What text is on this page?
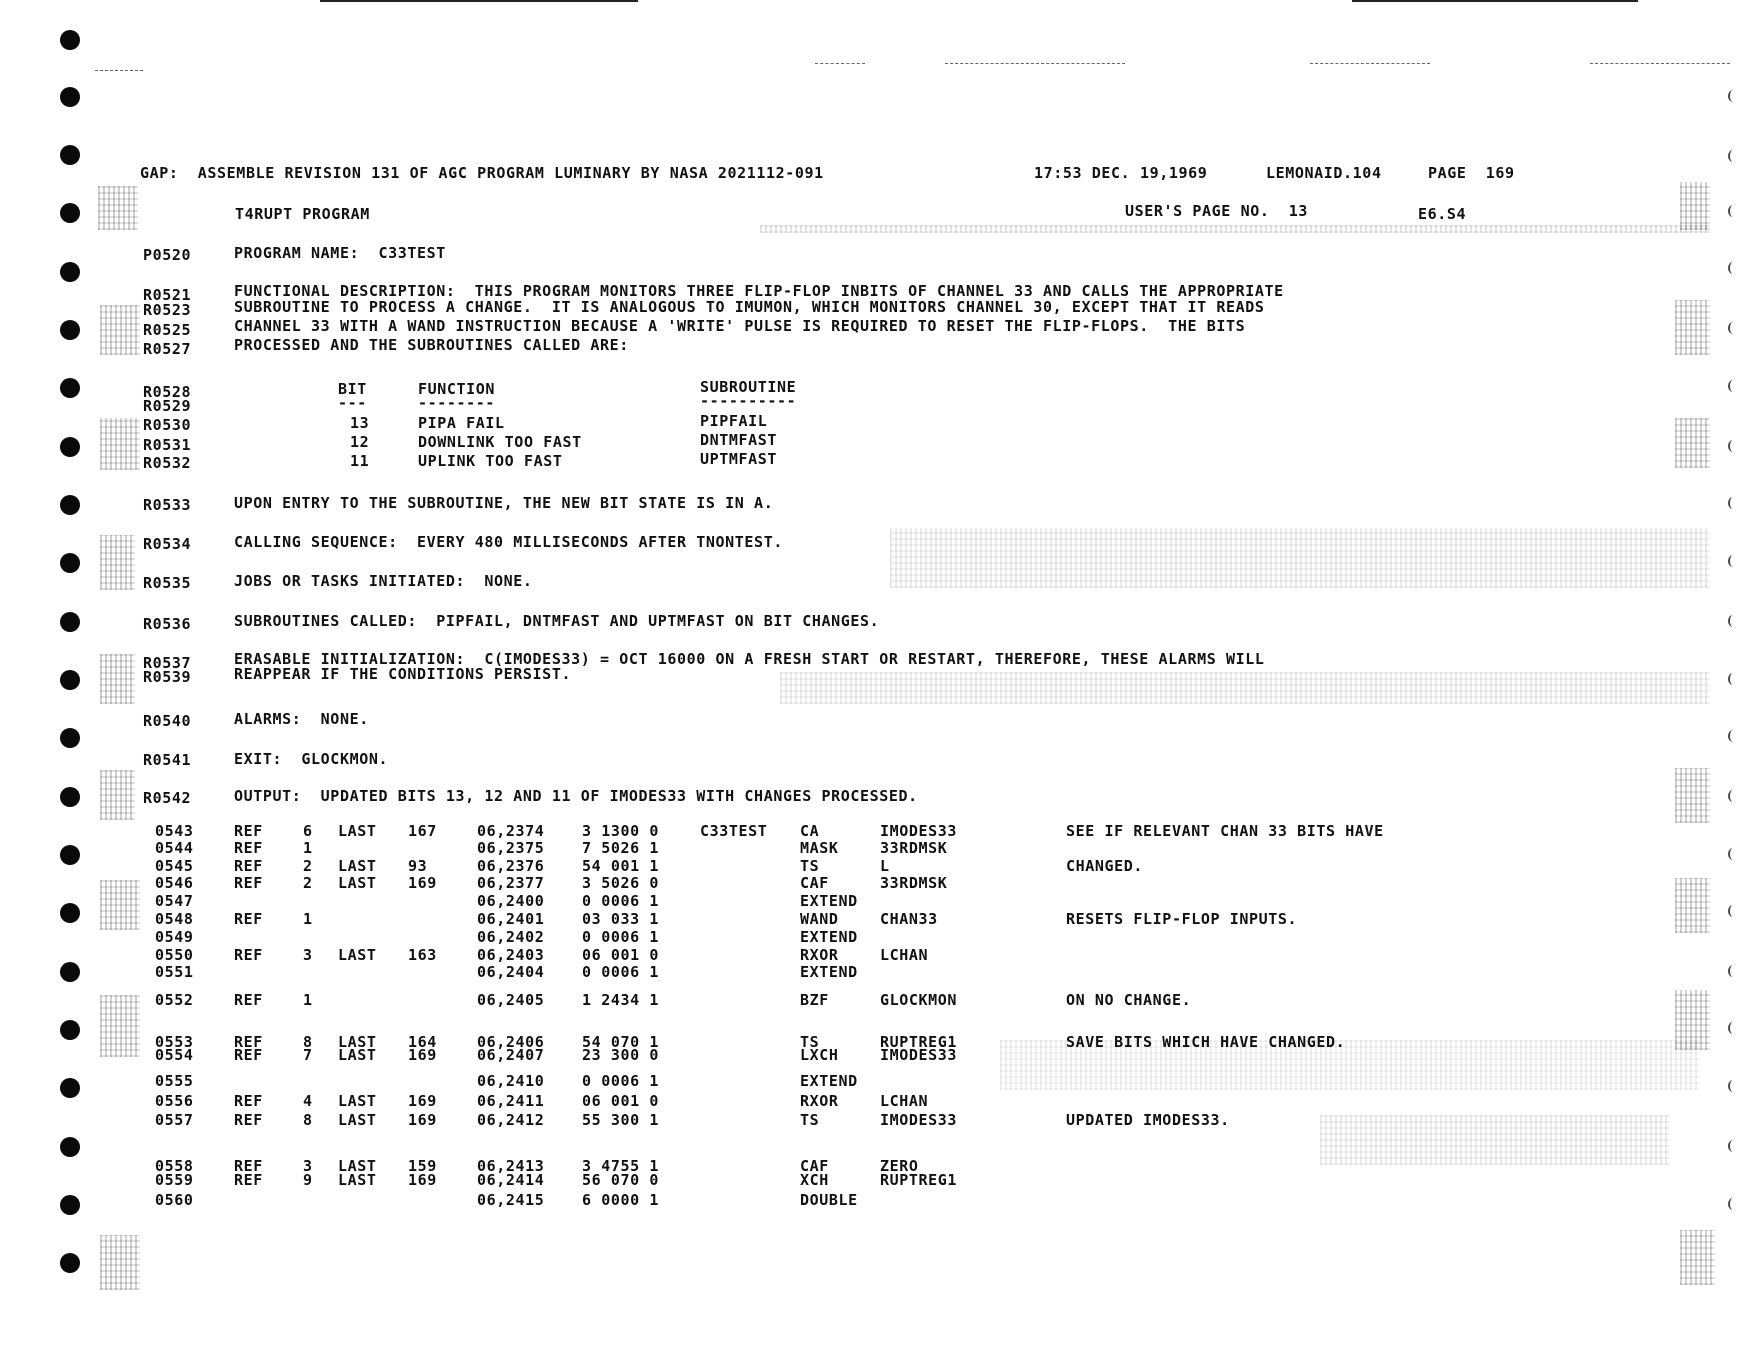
GAP:  ASSEMBLE REVISION 131 OF AGC PROGRAM LUMINARY BY NASA 2021112-091	17:53 DEC. 19,1969	LEMONAID.104	PAGE  169
T4RUPT PROGRAM	USER'S PAGE NO.  13	E6.S4
P0520	PROGRAM NAME:  C33TEST
R0521	FUNCTIONAL DESCRIPTION:  THIS PROGRAM MONITORS THREE FLIP-FLOP INBITS OF CHANNEL 33 AND CALLS THE APPROPRIATE
R0523	SUBROUTINE TO PROCESS A CHANGE.  IT IS ANALOGOUS TO IMUMON, WHICH MONITORS CHANNEL 30, EXCEPT THAT IT READS
R0525	CHANNEL 33 WITH A WAND INSTRUCTION BECAUSE A 'WRITE' PULSE IS REQUIRED TO RESET THE FLIP-FLOPS.  THE BITS
R0527	PROCESSED AND THE SUBROUTINES CALLED ARE:
R0528
R0529
R0530
R0531
R0532
BIT	FUNCTION	SUBROUTINE
---	--------	----------
13	PIPA FAIL	PIPFAIL
12	DOWNLINK TOO FAST	DNTMFAST
11	UPLINK TOO FAST	UPTMFAST
R0533	UPON ENTRY TO THE SUBROUTINE, THE NEW BIT STATE IS IN A.
R0534	CALLING SEQUENCE:  EVERY 480 MILLISECONDS AFTER TNONTEST.
R0535	JOBS OR TASKS INITIATED:  NONE.
R0536	SUBROUTINES CALLED:  PIPFAIL, DNTMFAST AND UPTMFAST ON BIT CHANGES.
R0537	ERASABLE INITIALIZATION:  C(IMODES33) = OCT 16000 ON A FRESH START OR RESTART, THEREFORE, THESE ALARMS WILL
R0539	REAPPEAR IF THE CONDITIONS PERSIST.
R0540	ALARMS:  NONE.
R0541	EXIT:  GLOCKMON.
R0542	OUTPUT:  UPDATED BITS 13, 12 AND 11 OF IMODES33 WITH CHANGES PROCESSED.
0543	REF	6 LAST 167	06,2374	3 1300 0	C33TEST CA	IMODES33	SEE IF RELEVANT CHAN 33 BITS HAVE
0544	REF	1	06,2375	7 5026 1	MASK	33RDMSK
0545	REF	2 LAST 93	06,2376	54 001 1	TS	L	CHANGED.
0546	REF	2 LAST 169	06,2377	3 5026 0	CAF	33RDMSK
0547	06,2400	0 0006 1	EXTEND
0548	REF	1	06,2401	03 033 1	WAND	CHAN33	RESETS FLIP-FLOP INPUTS.
0549	06,2402	0 0006 1	EXTEND
0550	REF	3 LAST 163	06,2403	06 001 0	RXOR	LCHAN
0551	06,2404	0 0006 1	EXTEND
0552	REF	1	06,2405	1 2434 1	BZF	GLOCKMON	ON NO CHANGE.
0553	REF	8 LAST 164	06,2406	54 070 1	TS	RUPTREG1	SAVE BITS WHICH HAVE CHANGED.
0554	REF	7 LAST 169	06,2407	23 300 0	LXCH	IMODES33
0555	06,2410	0 0006 1	EXTEND
0556	REF	4 LAST 169	06,2411	06 001 0	RXOR	LCHAN
0557	REF	8 LAST 169	06,2412	55 300 1	TS	IMODES33	UPDATED IMODES33.
0558	REF	3 LAST 159	06,2413	3 4755 1	CAF	ZERO
0559	REF	9 LAST 169	06,2414	56 070 0	XCH	RUPTREG1
0560	06,2415	6 0000 1	DOUBLE
